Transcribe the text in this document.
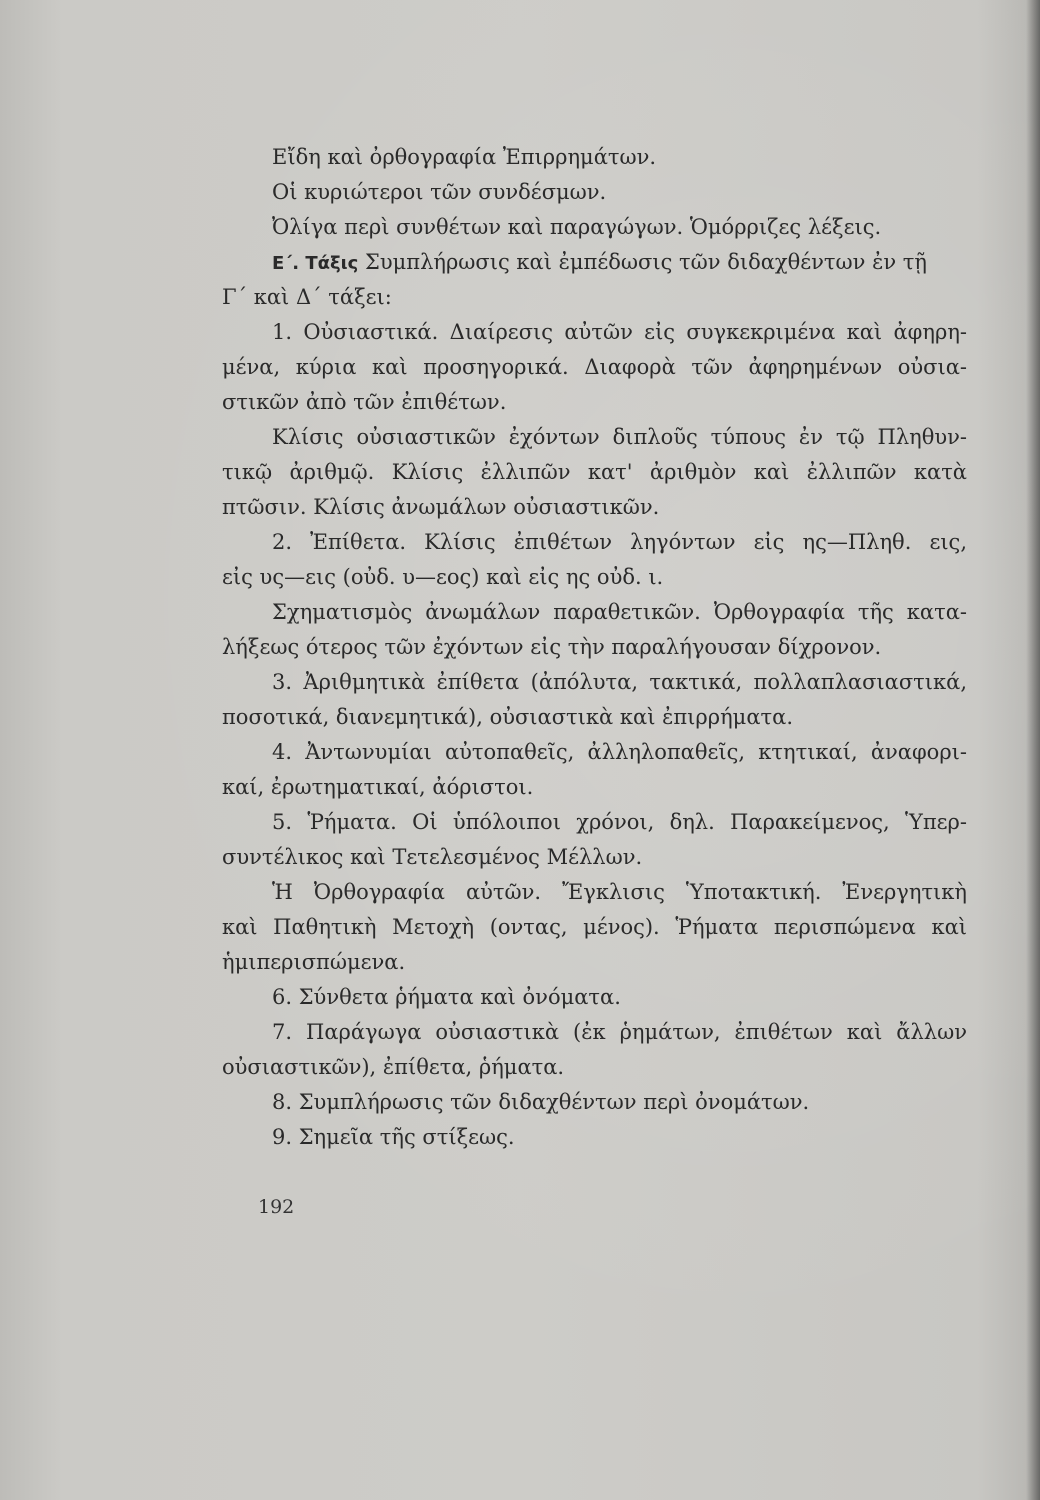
Εἴδη καὶ ὀρθογραφία Ἐπιρρημάτων.
Οἱ κυριώτεροι τῶν συνδέσμων.
Ὀλίγα περὶ συνθέτων καὶ παραγώγων. Ὁμόρριζες λέξεις.
Ε΄. Τάξις Συμπλήρωσις καὶ ἐμπέδωσις τῶν διδαχθέντων ἐν τῇ
Γ΄ καὶ Δ΄ τάξει:
1. Οὐσιαστικά. Διαίρεσις αὐτῶν εἰς συγκεκριμένα καὶ ἀφηρη-
μένα, κύρια καὶ προσηγορικά. Διαφορὰ τῶν ἀφηρημένων οὐσια-
στικῶν ἀπὸ τῶν ἐπιθέτων.
Κλίσις οὐσιαστικῶν ἐχόντων διπλοῦς τύπους ἐν τῷ Πληθυν-
τικῷ ἀριθμῷ. Κλίσις ἐλλιπῶν κατ' ἀριθμὸν καὶ ἐλλιπῶν κατὰ
πτῶσιν. Κλίσις ἀνωμάλων οὐσιαστικῶν.
2. Ἐπίθετα. Κλίσις ἐπιθέτων ληγόντων εἰς ης—Πληθ. εις,
εἰς υς—εις (οὐδ. υ—εος) καὶ εἰς ης οὐδ. ι.
Σχηματισμὸς ἀνωμάλων παραθετικῶν. Ὀρθογραφία τῆς κατα-
λήξεως ότερος τῶν ἐχόντων εἰς τὴν παραλήγουσαν δίχρονον.
3. Ἀριθμητικὰ ἐπίθετα (ἀπόλυτα, τακτικά, πολλαπλασιαστικά,
ποσοτικά, διανεμητικά), οὐσιαστικὰ καὶ ἐπιρρήματα.
4. Ἀντωνυμίαι αὐτοπαθεῖς, ἀλληλοπαθεῖς, κτητικαί, ἀναφορι-
καί, ἐρωτηματικαί, ἀόριστοι.
5. Ῥήματα. Οἱ ὑπόλοιποι χρόνοι, δηλ. Παρακείμενος, Ὑπερ-
συντέλικος καὶ Τετελεσμένος Μέλλων.
Ἡ Ὀρθογραφία αὐτῶν. Ἔγκλισις Ὑποτακτική. Ἐνεργητικὴ
καὶ Παθητικὴ Μετοχὴ (οντας, μένος). Ῥήματα περισπώμενα καὶ
ἡμιπερισπώμενα.
6. Σύνθετα ῥήματα καὶ ὀνόματα.
7. Παράγωγα οὐσιαστικὰ (ἐκ ῥημάτων, ἐπιθέτων καὶ ἄλλων
οὐσιαστικῶν), ἐπίθετα, ῥήματα.
8. Συμπλήρωσις τῶν διδαχθέντων περὶ ὀνομάτων.
9. Σημεῖα τῆς στίξεως.
192
